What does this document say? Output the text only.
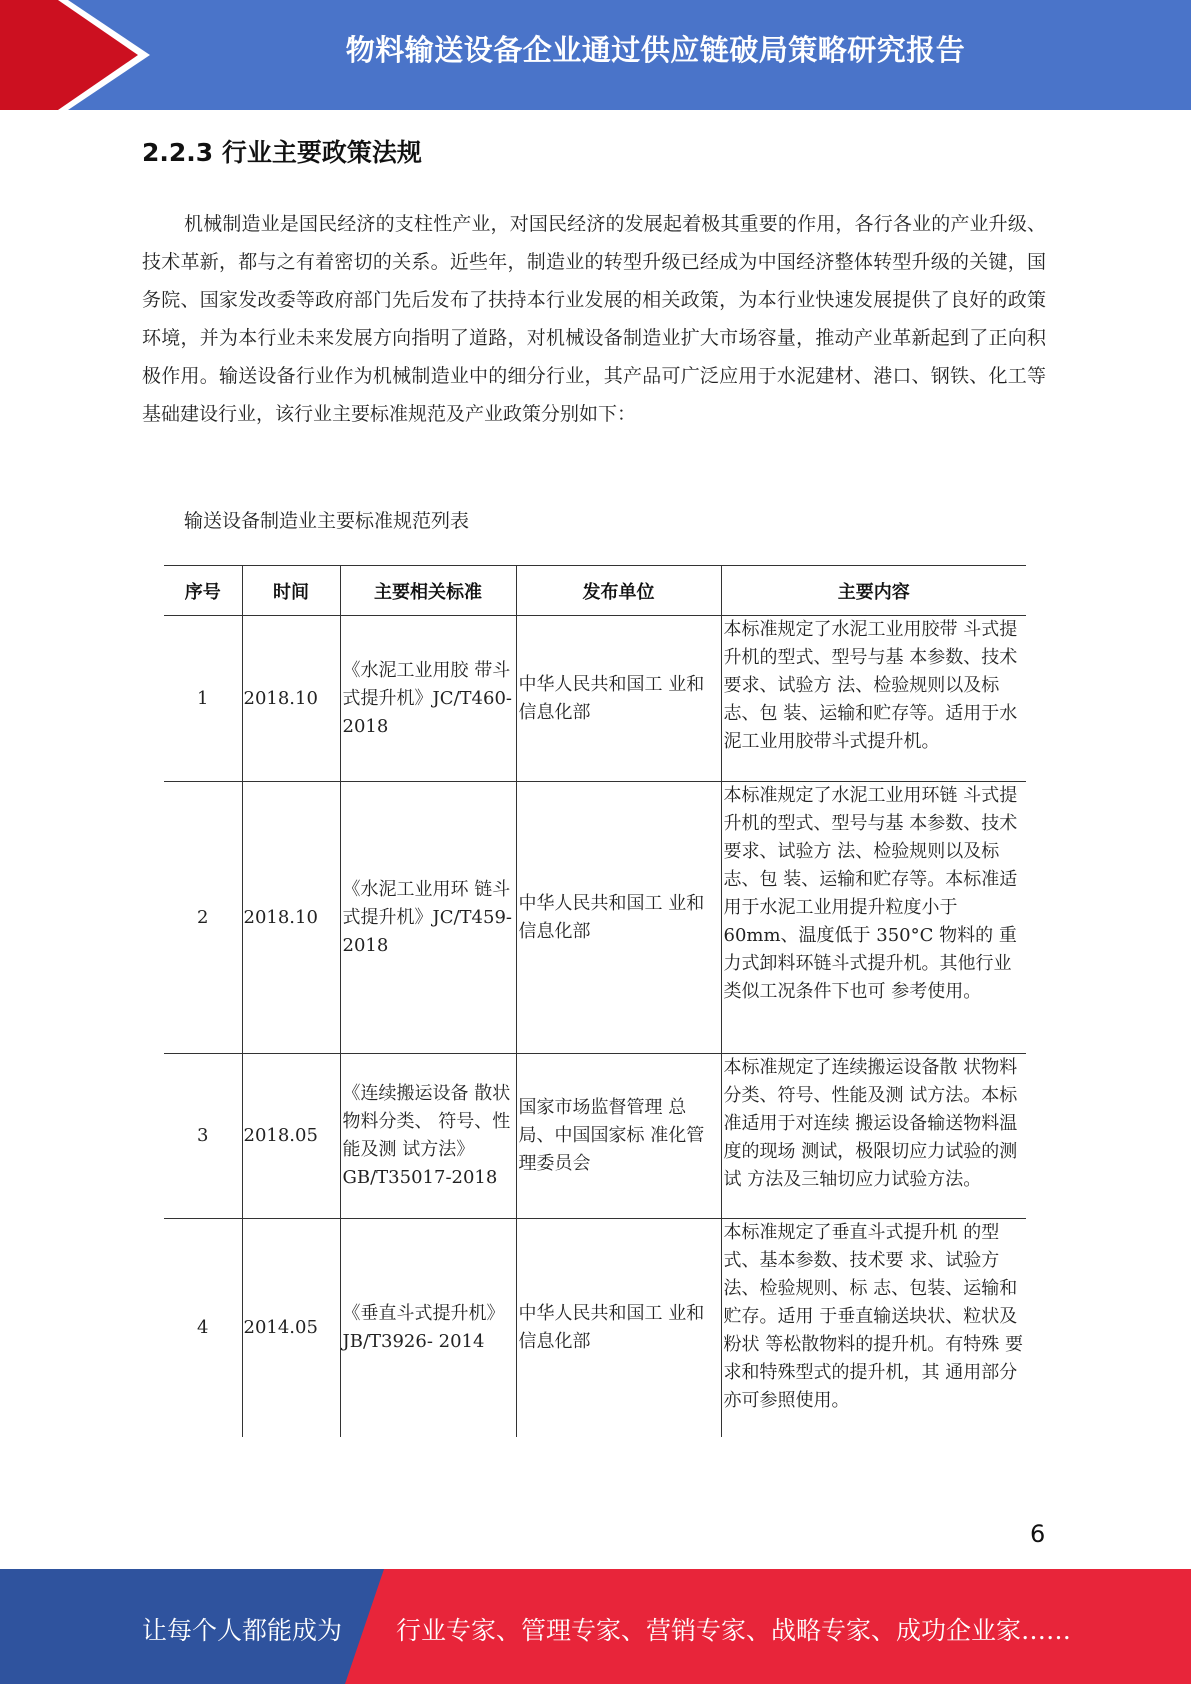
物料输送设备企业通过供应链破局策略研究报告
2.2.3 行业主要政策法规
机械制造业是国民经济的支柱性产业，对国民经济的发展起着极其重要的作用，各行各业的产业升级、技术革新，都与之有着密切的关系。近些年，制造业的转型升级已经成为中国经济整体转型升级的关键，国务院、国家发改委等政府部门先后发布了扶持本行业发展的相关政策，为本行业快速发展提供了良好的政策环境，并为本行业未来发展方向指明了道路，对机械设备制造业扩大市场容量，推动产业革新起到了正向积极作用。输送设备行业作为机械制造业中的细分行业，其产品可广泛应用于水泥建材、港口、钢铁、化工等基础建设行业，该行业主要标准规范及产业政策分别如下：
输送设备制造业主要标准规范列表
序号	时间	主要相关标准	发布单位	主要内容
1	2018.10	《水泥工业用胶 带斗式提升机》JC/T460-2018	中华人民共和国工 业和信息化部	本标准规定了水泥工业用胶带 斗式提升机的型式、型号与基 本参数、技术要求、试验方 法、检验规则以及标志、包 装、运输和贮存等。适用于水 泥工业用胶带斗式提升机。
2	2018.10	《水泥工业用环 链斗式提升机》JC/T459-2018	中华人民共和国工 业和信息化部	本标准规定了水泥工业用环链 斗式提升机的型式、型号与基 本参数、技术要求、试验方 法、检验规则以及标志、包 装、运输和贮存等。本标准适 用于水泥工业用提升粒度小于 60mm、温度低于 350°C 物料的 重力式卸料环链斗式提升机。其他行业类似工况条件下也可 参考使用。
3	2018.05	《连续搬运设备 散状物料分类、 符号、性能及测 试方法》GB/T35017-2018	国家市场监督管理 总局、中国国家标 准化管理委员会	本标准规定了连续搬运设备散 状物料分类、符号、性能及测 试方法。本标准适用于对连续 搬运设备输送物料温度的现场 测试，极限切应力试验的测试 方法及三轴切应力试验方法。
4	2014.05	《垂直斗式提升机》JB/T3926- 2014	中华人民共和国工 业和信息化部	本标准规定了垂直斗式提升机 的型式、基本参数、技术要 求、试验方法、检验规则、标 志、包装、运输和贮存。适用 于垂直输送块状、粒状及粉状 等松散物料的提升机。有特殊 要求和特殊型式的提升机，其 通用部分亦可参照使用。
6
让每个人都能成为 行业专家、管理专家、营销专家、战略专家、成功企业家……
